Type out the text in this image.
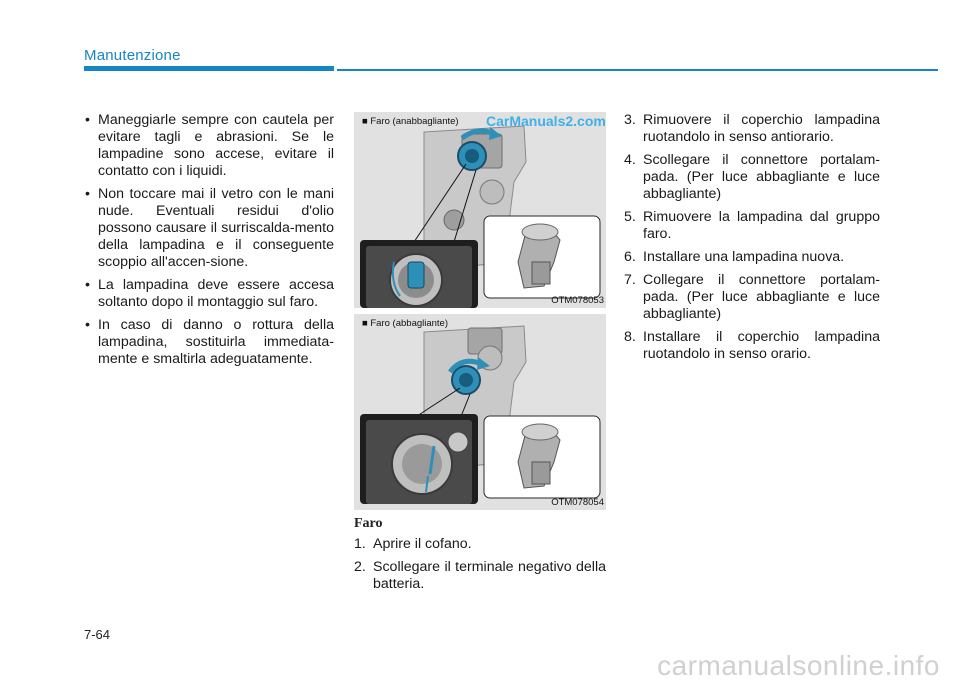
Manutenzione
• Maneggiarle sempre con cautela per evitare tagli e abrasioni. Se le lampadine sono accese, evitare il contatto con i liquidi.
• Non toccare mai il vetro con le mani nude. Eventuali residui d'olio possono causare il surriscalda-mento della lampadina e il conseguente scoppio all'accen-sione.
• La lampadina deve essere accesa soltanto dopo il montaggio sul faro.
• In caso di danno o rottura della lampadina, sostituirla immediata-mente e smaltirla adeguatamente.
CarManuals2.com
■ Faro (anabbagliante)
OTM078053
■ Faro (abbagliante)
OTM078054
Faro
1. Aprire il cofano.
2. Scollegare il terminale negativo della batteria.
3. Rimuovere il coperchio lampadina ruotandolo in senso antiorario.
4. Scollegare il connettore portalam-pada. (Per luce abbagliante e luce abbagliante)
5. Rimuovere la lampadina dal gruppo faro.
6. Installare una lampadina nuova.
7. Collegare il connettore portalam-pada. (Per luce abbagliante e luce abbagliante)
8. Installare il coperchio lampadina ruotandolo in senso orario.
7-64
carmanualsonline.info
